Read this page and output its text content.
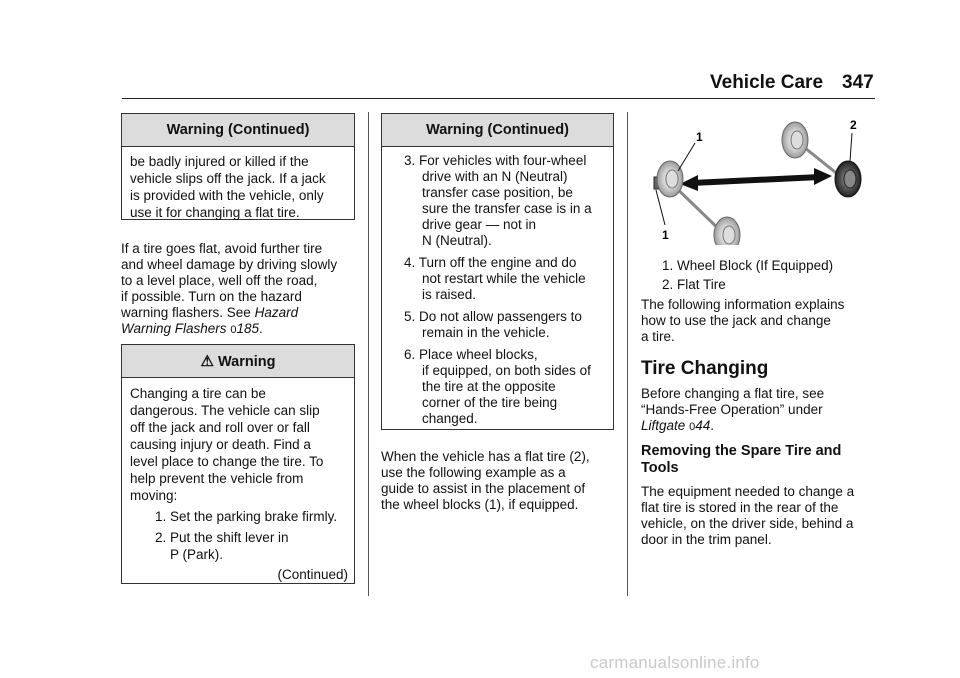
Vehicle Care 347
Warning (Continued)
be badly injured or killed if the
vehicle slips off the jack. If a jack
is provided with the vehicle, only
use it for changing a flat tire.
If a tire goes flat, avoid further tire
and wheel damage by driving slowly
to a level place, well off the road,
if possible. Turn on the hazard
warning flashers. See Hazard
Warning Flashers 0185.
⚠ Warning
Changing a tire can be
dangerous. The vehicle can slip
off the jack and roll over or fall
causing injury or death. Find a
level place to change the tire. To
help prevent the vehicle from
moving:
1. Set the parking brake firmly.
2. Put the shift lever in
P (Park).
(Continued)
Warning (Continued)
3. For vehicles with four-wheel
drive with an N (Neutral)
transfer case position, be
sure the transfer case is in a
drive gear — not in
N (Neutral).
4. Turn off the engine and do
not restart while the vehicle
is raised.
5. Do not allow passengers to
remain in the vehicle.
6. Place wheel blocks,
if equipped, on both sides of
the tire at the opposite
corner of the tire being
changed.
When the vehicle has a flat tire (2),
use the following example as a
guide to assist in the placement of
the wheel blocks (1), if equipped.
1
2
1
1. Wheel Block (If Equipped)
2. Flat Tire
The following information explains
how to use the jack and change
a tire.
Tire Changing
Before changing a flat tire, see
“Hands-Free Operation” under
Liftgate 044.
Removing the Spare Tire and
Tools
The equipment needed to change a
flat tire is stored in the rear of the
vehicle, on the driver side, behind a
door in the trim panel.
carmanualsonline.info
